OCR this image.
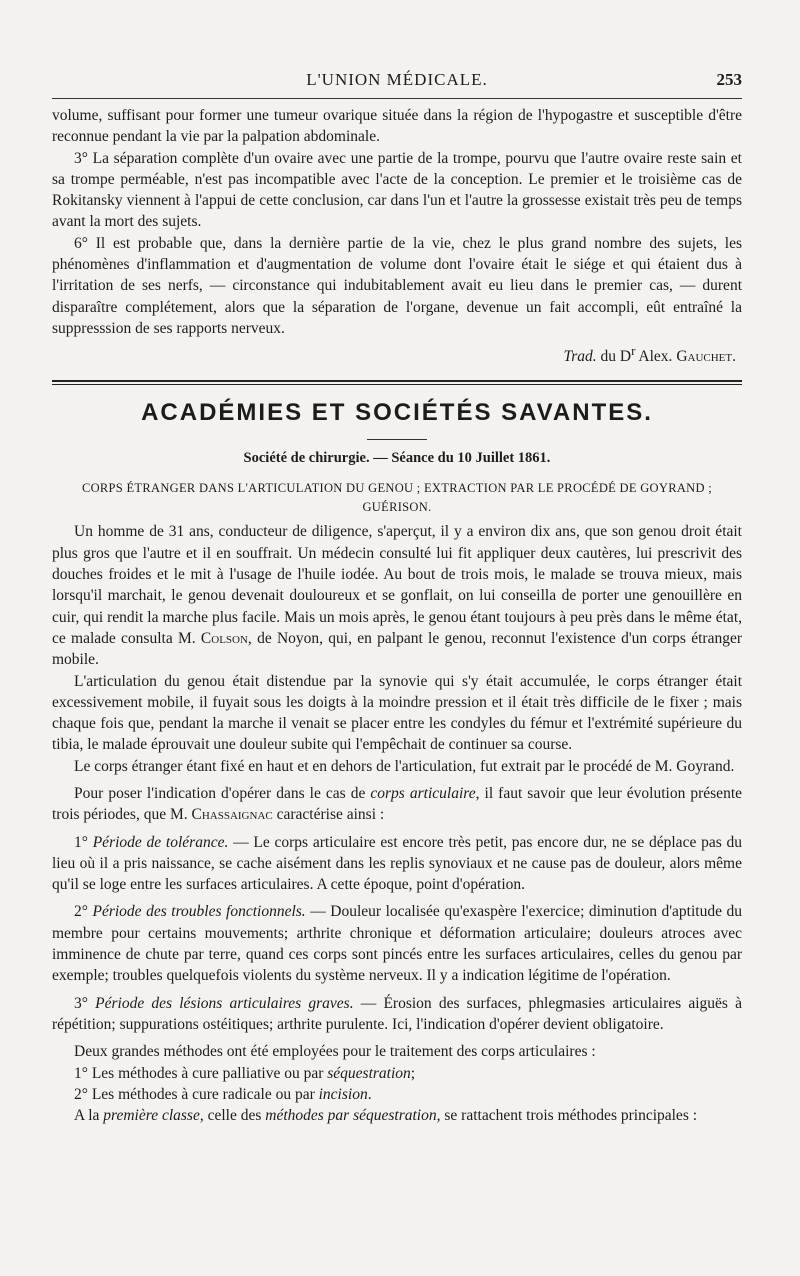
L'UNION MÉDICALE.	253

volume, suffisant pour former une tumeur ovarique située dans la région de l'hypogastre et susceptible d'être reconnue pendant la vie par la palpation abdominale.

3° La séparation complète d'un ovaire avec une partie de la trompe, pourvu que l'autre ovaire reste sain et sa trompe perméable, n'est pas incompatible avec l'acte de la conception. Le premier et le troisième cas de Rokitansky viennent à l'appui de cette conclusion, car dans l'un et l'autre la grossesse existait très peu de temps avant la mort des sujets.

6° Il est probable que, dans la dernière partie de la vie, chez le plus grand nombre des sujets, les phénomènes d'inflammation et d'augmentation de volume dont l'ovaire était le siége et qui étaient dus à l'irritation de ses nerfs, — circonstance qui indubitablement avait eu lieu dans le premier cas, — durent disparaître complétement, alors que la séparation de l'organe, devenue un fait accompli, eût entraîné la suppresssion de ses rapports nerveux.

Trad. du $D^r$ Alex. Gauchet.
ACADÉMIES ET SOCIÉTÉS SAVANTES.
Société de chirurgie. — Séance du 10 Juillet 1861.
CORPS ÉTRANGER DANS L'ARTICULATION DU GENOU ; EXTRACTION PAR LE PROCÉDÉ DE GOYRAND ; GUÉRISON.

Un homme de 31 ans, conducteur de diligence, s'aperçut, il y a environ dix ans, que son genou droit était plus gros que l'autre et il en souffrait. Un médecin consulté lui fit appliquer deux cautères, lui prescrivit des douches froides et le mit à l'usage de l'huile iodée. Au bout de trois mois, le malade se trouva mieux, mais lorsqu'il marchait, le genou devenait douloureux et se gonflait, on lui conseilla de porter une genouillère en cuir, qui rendit la marche plus facile. Mais un mois après, le genou étant toujours à peu près dans le même état, ce malade consulta M. Colson, de Noyon, qui, en palpant le genou, reconnut l'existence d'un corps étranger mobile.

L'articulation du genou était distendue par la synovie qui s'y était accumulée, le corps étranger était excessivement mobile, il fuyait sous les doigts à la moindre pression et il était très difficile de le fixer ; mais chaque fois que, pendant la marche il venait se placer entre les condyles du fémur et l'extrémité supérieure du tibia, le malade éprouvait une douleur subite qui l'empêchait de continuer sa course.

Le corps étranger étant fixé en haut et en dehors de l'articulation, fut extrait par le procédé de M. Goyrand.

Pour poser l'indication d'opérer dans le cas de corps articulaire, il faut savoir que leur évolution présente trois périodes, que M. Chassaignac caractérise ainsi :

1° Période de tolérance. — Le corps articulaire est encore très petit, pas encore dur, ne se déplace pas du lieu où il a pris naissance, se cache aisément dans les replis synoviaux et ne cause pas de douleur, alors même qu'il se loge entre les surfaces articulaires. A cette époque, point d'opération.

2° Période des troubles fonctionnels. — Douleur localisée qu'exaspère l'exercice; diminution d'aptitude du membre pour certains mouvements; arthrite chronique et déformation articulaire; douleurs atroces avec imminence de chute par terre, quand ces corps sont pincés entre les surfaces articulaires, celles du genou par exemple; troubles quelquefois violents du système nerveux. Il y a indication légitime de l'opération.

3° Période des lésions articulaires graves. — Érosion des surfaces, phlegmasies articulaires aiguës à répétition; suppurations ostéitiques; arthrite purulente. Ici, l'indication d'opérer devient obligatoire.

Deux grandes méthodes ont été employées pour le traitement des corps articulaires :

1° Les méthodes à cure palliative ou par séquestration;

2° Les méthodes à cure radicale ou par incision.

A la première classe, celle des méthodes par séquestration, se rattachent trois méthodes principales :
